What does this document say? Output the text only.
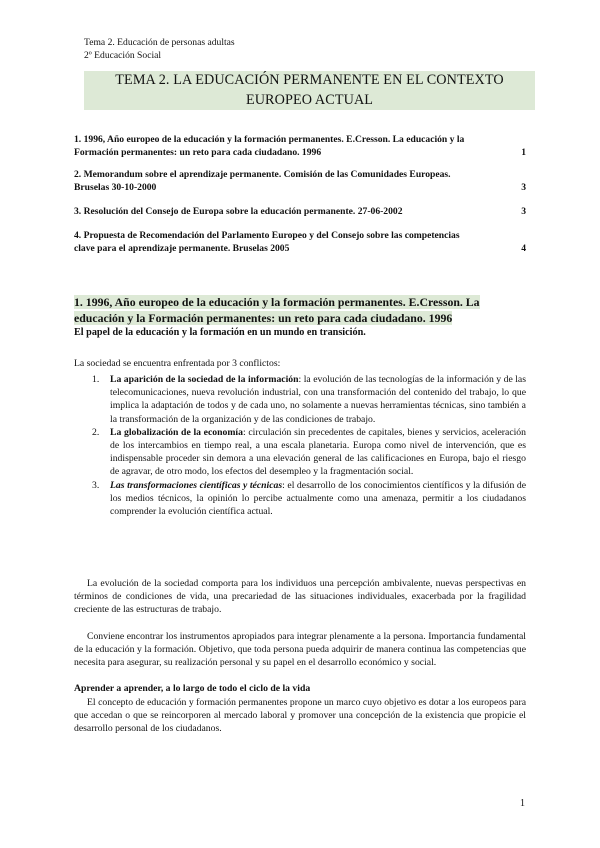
Tema 2. Educación de personas adultas
2º Educación Social
TEMA 2. LA EDUCACIÓN PERMANENTE EN EL CONTEXTO
EUROPEO ACTUAL
1. 1996, Año europeo de la educación y la formación permanentes. E.Cresson. La educación y la
Formación permanentes: un reto para cada ciudadano. 1996	1
2. Memorandum sobre el aprendizaje permanente. Comisión de las Comunidades Europeas.
Bruselas 30-10-2000	3
3. Resolución del Consejo de Europa sobre la educación permanente. 27-06-2002	3
4. Propuesta de Recomendación del Parlamento Europeo y del Consejo sobre las competencias
clave para el aprendizaje permanente. Bruselas 2005	4
1. 1996, Año europeo de la educación y la formación permanentes. E.Cresson. La
educación y la Formación permanentes: un reto para cada ciudadano. 1996
El papel de la educación y la formación en un mundo en transición.
La sociedad se encuentra enfrentada por 3 conflictos:
1.	La aparición de la sociedad de la información: la evolución de las tecnologías de la información y de las telecomunicaciones, nueva revolución industrial, con una transformación del contenido del trabajo, lo que implica la adaptación de todos y de cada uno, no solamente a nuevas herramientas técnicas, sino también a la transformación de la organización y de las condiciones de trabajo.
2.	La globalización de la economía: circulación sin precedentes de capitales, bienes y servicios, aceleración de los intercambios en tiempo real, a una escala planetaria. Europa como nivel de intervención, que es indispensable proceder sin demora a una elevación general de las calificaciones en Europa, bajo el riesgo de agravar, de otro modo, los efectos del desempleo y la fragmentación social.
3.	Las transformaciones científicas y técnicas: el desarrollo de los conocimientos científicos y la difusión de los medios técnicos, la opinión lo percibe actualmente como una amenaza, permitir a los ciudadanos comprender la evolución científica actual.
La evolución de la sociedad comporta para los individuos una percepción ambivalente, nuevas perspectivas en términos de condiciones de vida, una precariedad de las situaciones individuales, exacerbada por la fragilidad creciente de las estructuras de trabajo.
Conviene encontrar los instrumentos apropiados para integrar plenamente a la persona. Importancia fundamental de la educación y la formación. Objetivo, que toda persona pueda adquirir de manera continua las competencias que necesita para asegurar, su realización personal y su papel en el desarrollo económico y social.
Aprender a aprender, a lo largo de todo el ciclo de la vida
El concepto de educación y formación permanentes propone un marco cuyo objetivo es dotar a los europeos para que accedan o que se reincorporen al mercado laboral y promover una concepción de la existencia que propicie el desarrollo personal de los ciudadanos.
1
